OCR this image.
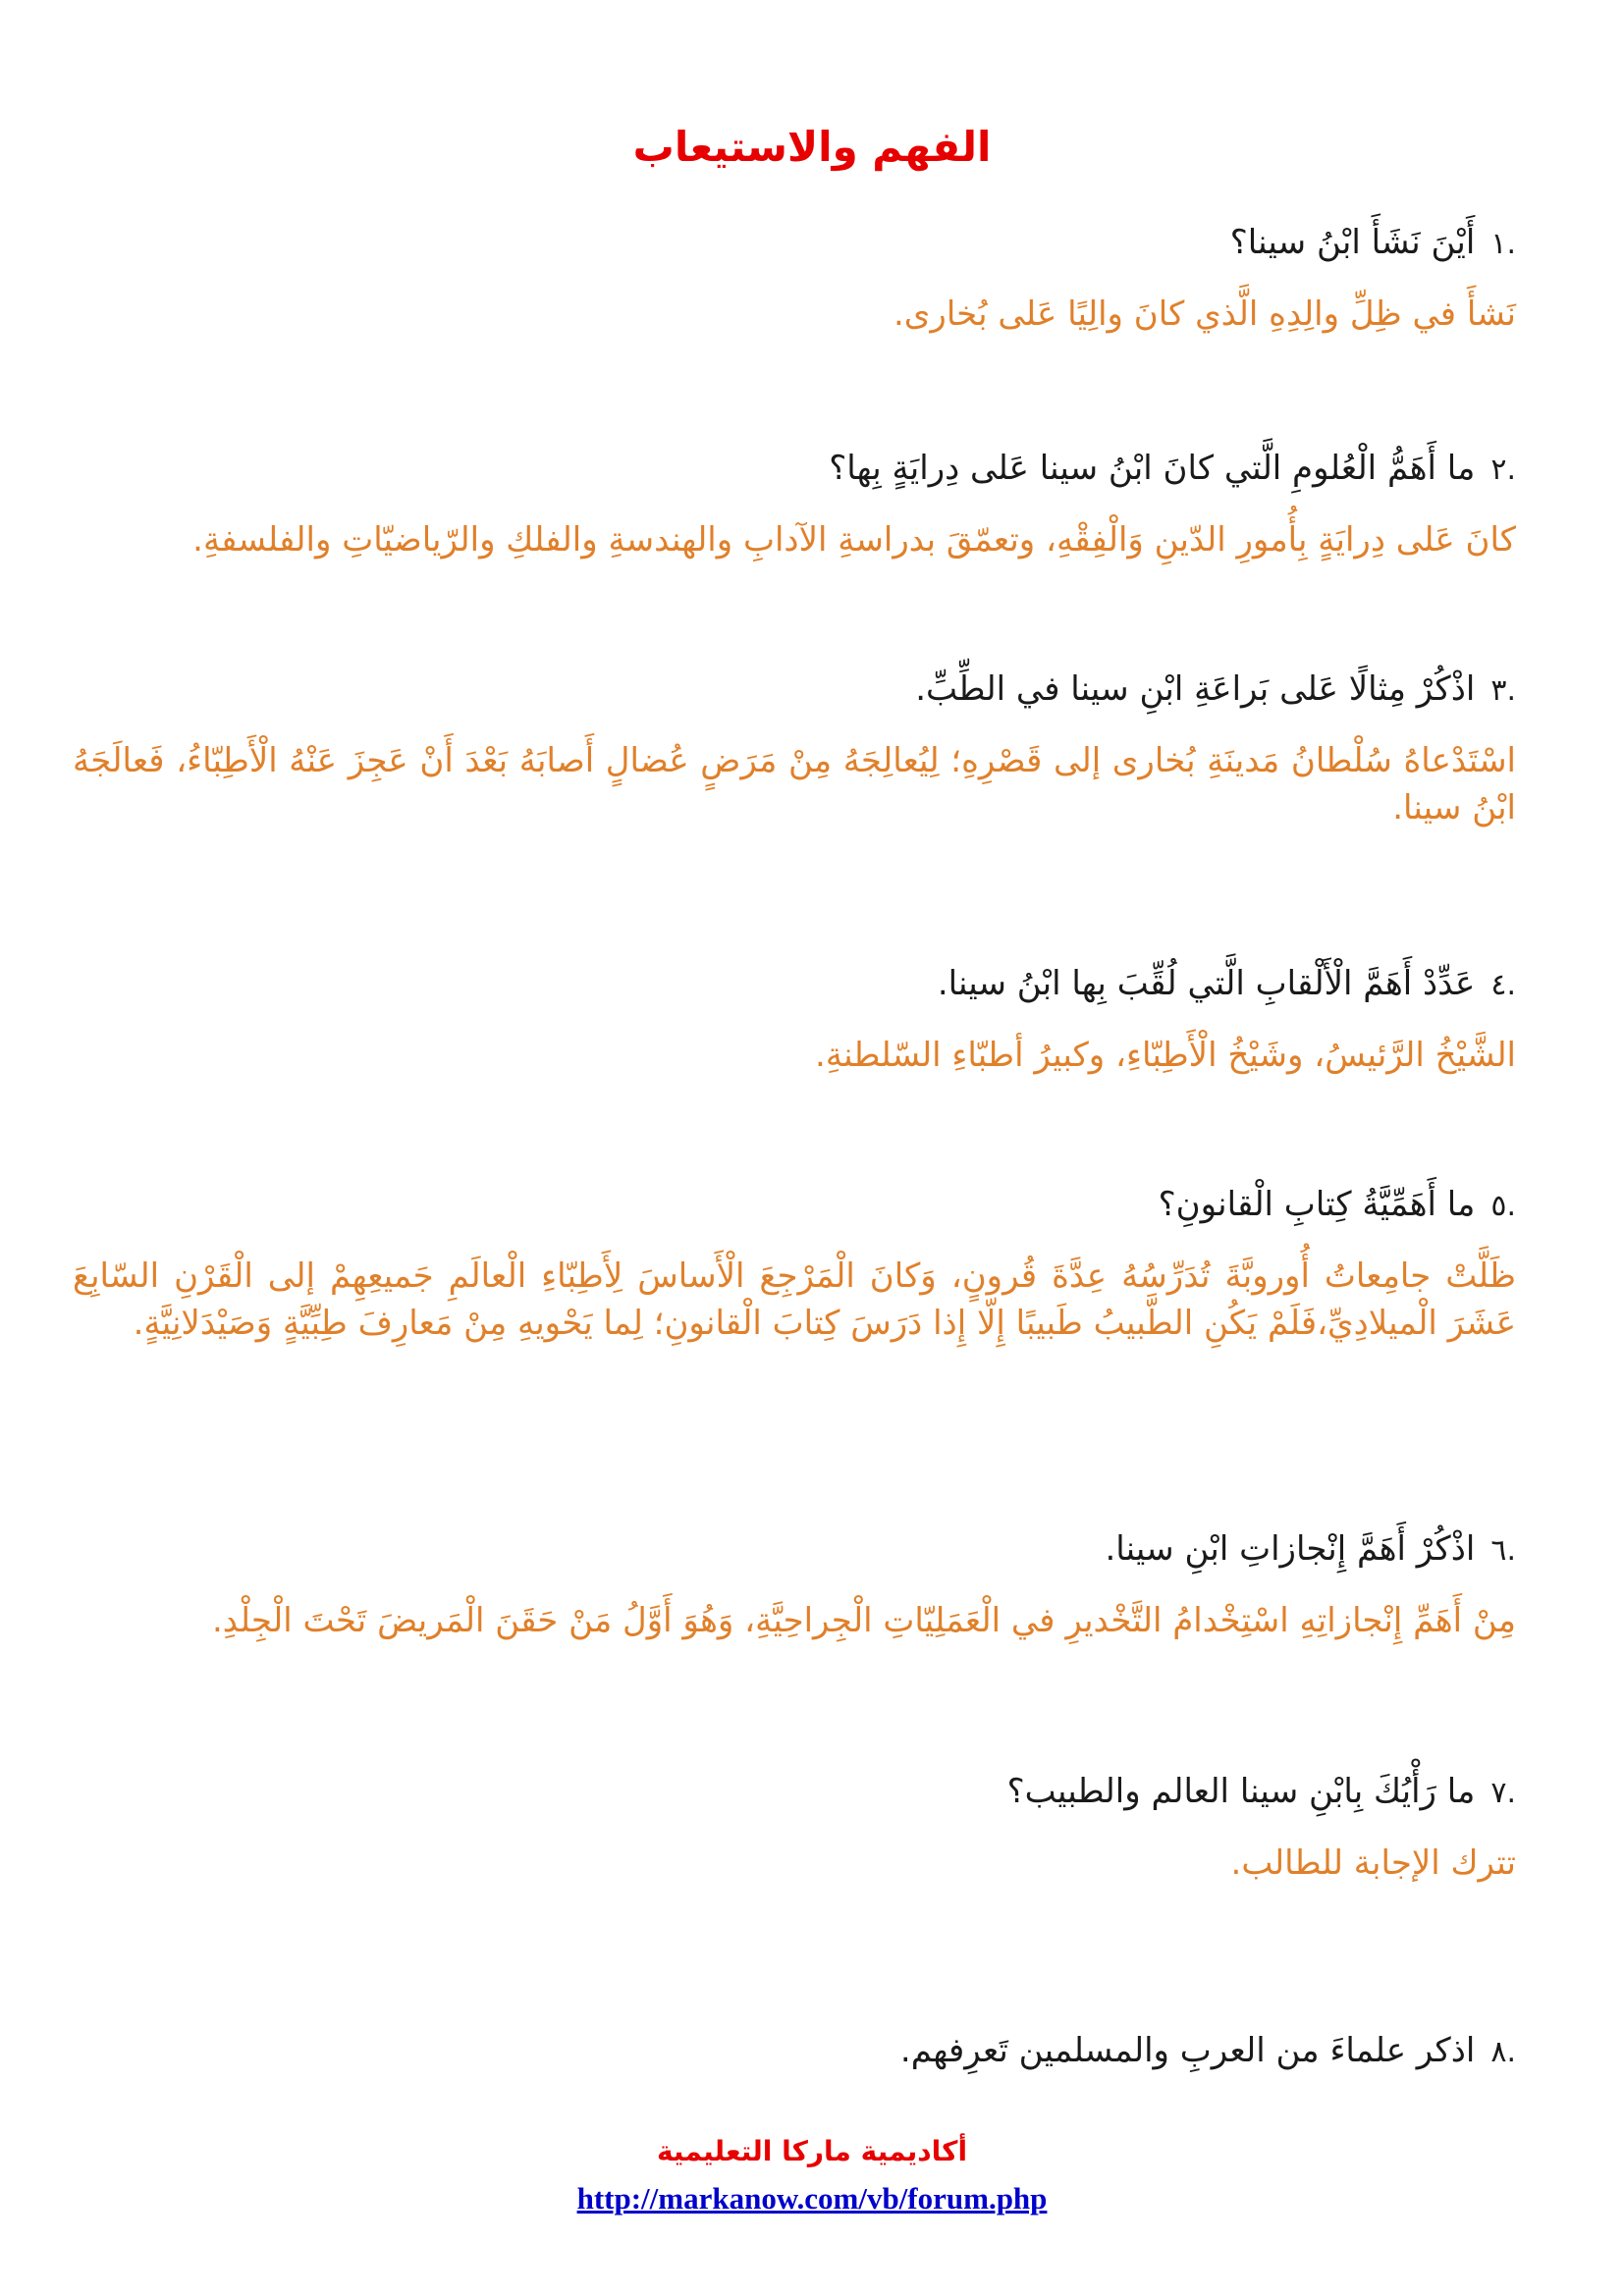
الفهم والاستيعاب
.١أَيْنَ نَشَأَ ابْنُ سينا؟
نَشأَ في ظِلِّ والِدِهِ الَّذي كانَ والِيًا عَلى بُخارى.
.٢ما أَهَمُّ الْعُلومِ الَّتي كانَ ابْنُ سينا عَلى دِرايَةٍ بِها؟
كانَ عَلى دِرايَةٍ بِأُمورِ الدّينِ وَالْفِقْهِ، وتعمّقَ بدراسةِ الآدابِ والهندسةِ والفلكِ والرّياضيّاتِ والفلسفةِ.
.٣اذْكُرْ مِثالًا عَلى بَراعَةِ ابْنِ سينا في الطِّبِّ.
اسْتَدْعاهُ سُلْطانُ مَدينَةِ بُخارى إلى قَصْرِهِ؛ لِيُعالِجَهُ مِنْ مَرَضٍ عُضالٍ أَصابَهُ بَعْدَ أَنْ عَجِزَ عَنْهُ الْأَطِبّاءُ، فَعالَجَهُ ابْنُ سينا.
.٤عَدِّدْ أَهَمَّ الْأَلْقابِ الَّتي لُقِّبَ بِها ابْنُ سينا.
الشَّيْخُ الرَّئيسُ، وشَيْخُ الْأَطِبّاءِ، وكبيرُ أطبّاءِ السّلطنةِ.
.٥ما أَهَمِّيَّةُ كِتابِ الْقانونِ؟
ظَلَّتْ جامِعاتُ أُوروبَّةَ تُدَرِّسُهُ عِدَّةَ قُرونٍ، وَكانَ الْمَرْجِعَ الْأَساسَ لِأَطِبّاءِ الْعالَمِ جَميعِهِمْ إلى الْقَرْنِ السّابِعَ عَشَرَ الْميلادِيِّ،فَلَمْ يَكُنِ الطَّبيبُ طَبيبًا إِلّا إِذا دَرَسَ كِتابَ الْقانونِ؛ لِما يَحْويهِ مِنْ مَعارِفَ طِبِّيَّةٍ وَصَيْدَلانِيَّةٍ.
.٦اذْكُرْ أَهَمَّ إِنْجازاتِ ابْنِ سينا.
مِنْ أَهَمِّ إِنْجازاتِهِ اسْتِخْدامُ التَّخْديرِ في الْعَمَلِيّاتِ الْجِراحِيَّةِ، وَهُوَ أَوَّلُ مَنْ حَقَنَ الْمَريضَ تَحْتَ الْجِلْدِ.
.٧ما رَأْيُكَ بِابْنِ سينا العالم والطبيب؟
تترك الإجابة للطالب.
.٨اذكر علماءَ من العربِ والمسلمين تَعرِفهم.
أكاديمية ماركا التعليمية
http://markanow.com/vb/forum.php
